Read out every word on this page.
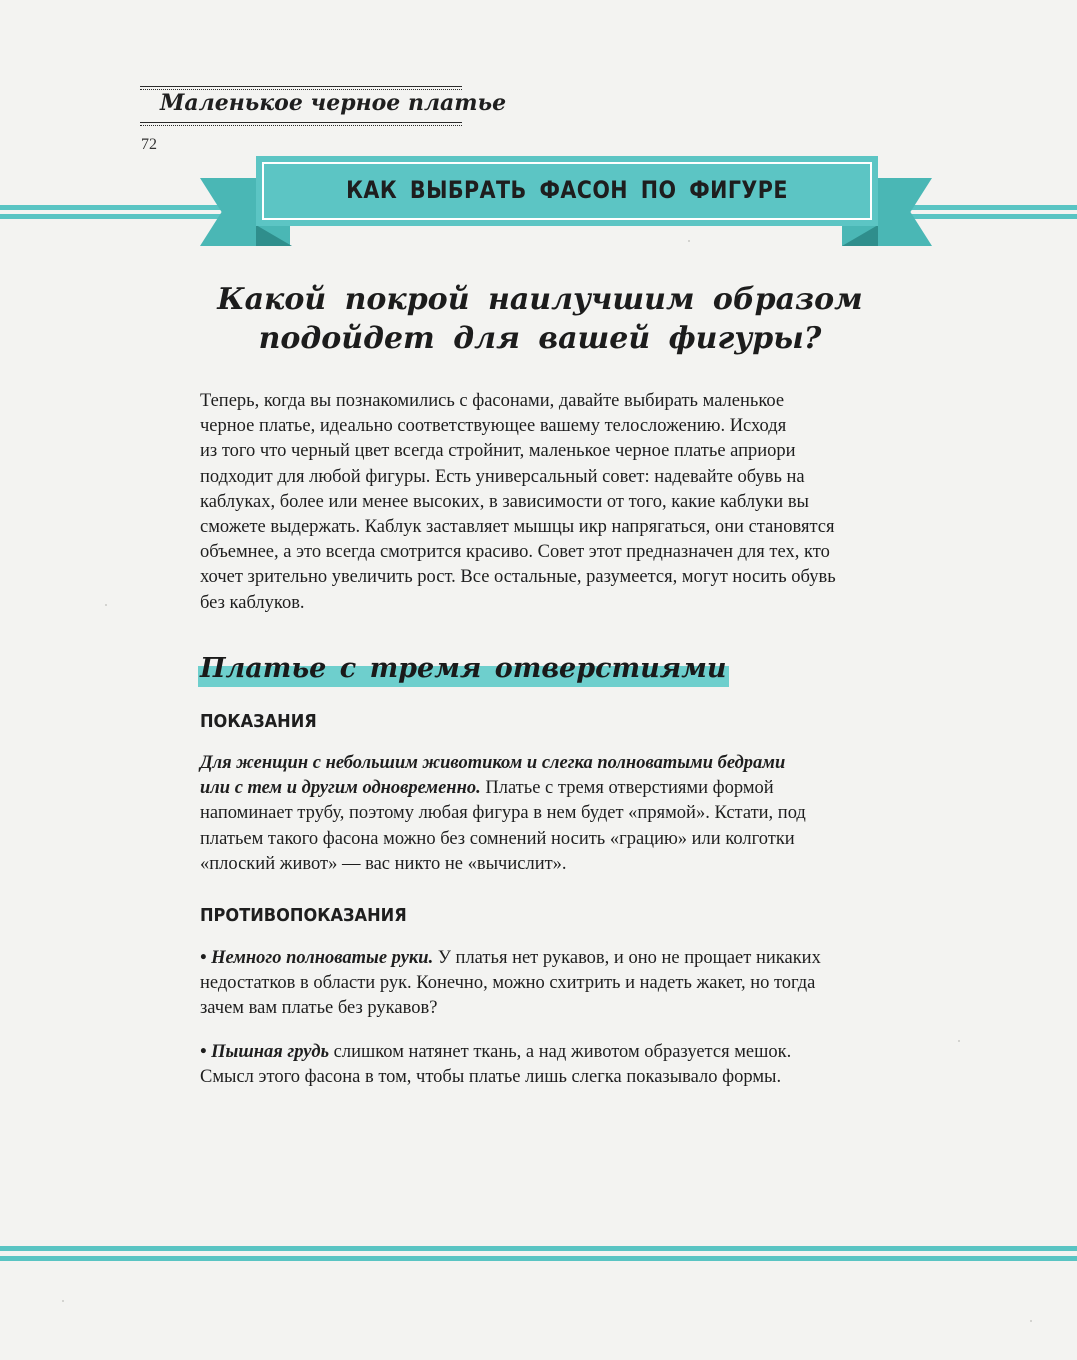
Маленькое черное платье
72
КАК ВЫБРАТЬ ФАСОН ПО ФИГУРЕ
Какой покрой наилучшим образом
подойдет для вашей фигуры?
Теперь, когда вы познакомились с фасонами, давайте выбирать маленькое
черное платье, идеально соответствующее вашему телосложению. Исходя
из того что черный цвет всегда стройнит, маленькое черное платье априори
подходит для любой фигуры. Есть универсальный совет: надевайте обувь на
каблуках, более или менее высоких, в зависимости от того, какие каблуки вы
сможете выдержать. Каблук заставляет мышцы икр напрягаться, они становятся
объемнее, а это всегда смотрится красиво. Совет этот предназначен для тех, кто
хочет зрительно увеличить рост. Все остальные, разумеется, могут носить обувь
без каблуков.
Платье с тремя отверстиями
ПОКАЗАНИЯ
Для женщин с небольшим животиком и слегка полноватыми бедрами
или с тем и другим одновременно. Платье с тремя отверстиями формой
напоминает трубу, поэтому любая фигура в нем будет «прямой». Кстати, под
платьем такого фасона можно без сомнений носить «грацию» или колготки
«плоский живот» — вас никто не «вычислит».
ПРОТИВОПОКАЗАНИЯ
• Немного полноватые руки. У платья нет рукавов, и оно не прощает никаких
недостатков в области рук. Конечно, можно схитрить и надеть жакет, но тогда
зачем вам платье без рукавов?
• Пышная грудь слишком натянет ткань, а над животом образуется мешок.
Смысл этого фасона в том, чтобы платье лишь слегка показывало формы.
